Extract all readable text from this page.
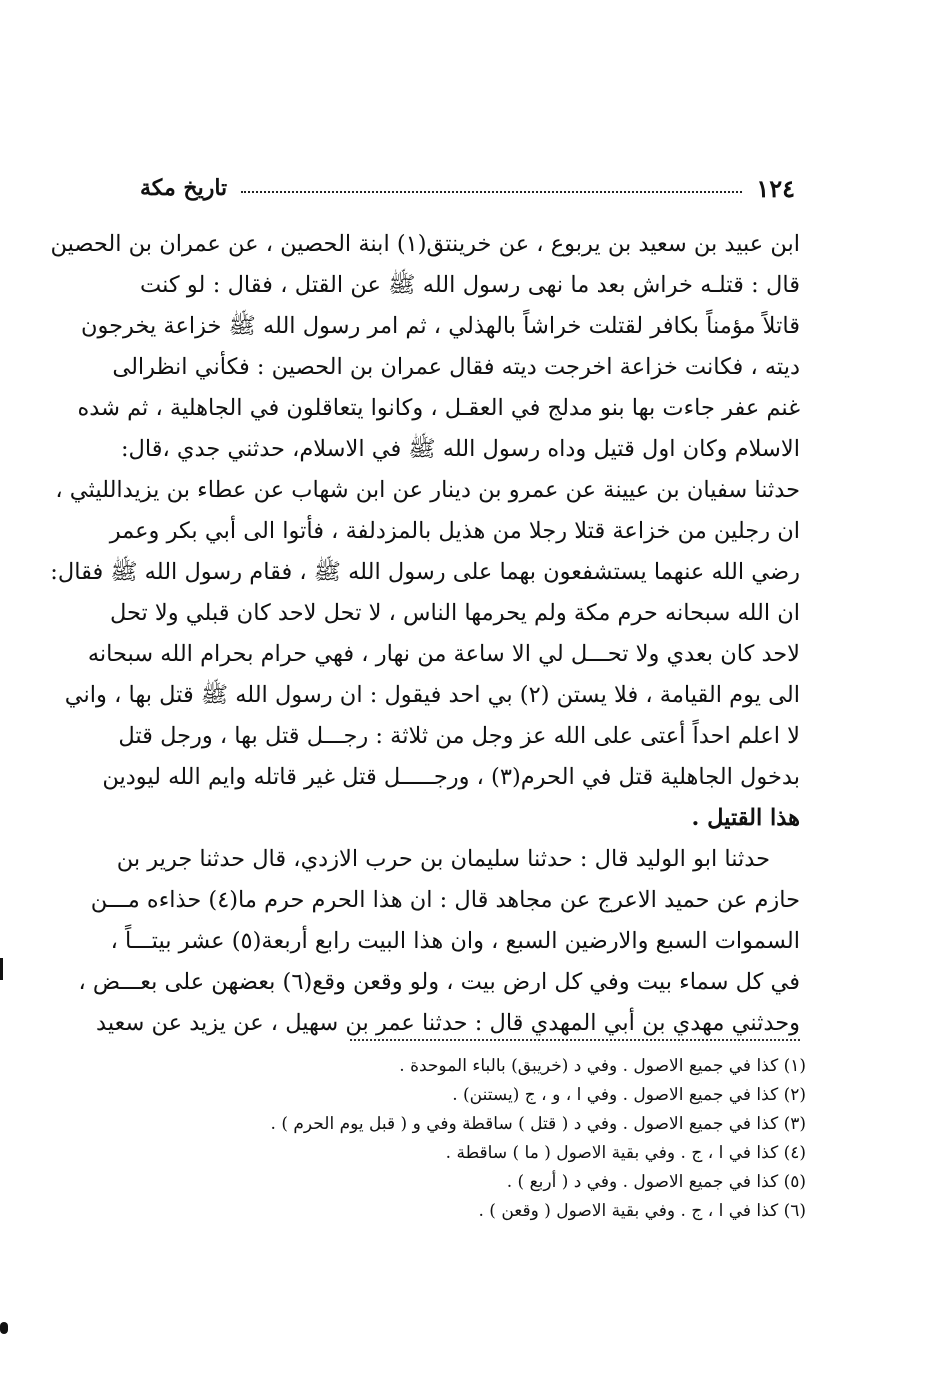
١٢٤
تاريخ مكة
ابن عبيد بن سعيد بن يربوع ، عن خرينتق(١) ابنة الحصين ، عن عمران بن الحصين
قال : قتلـه خراش بعد ما نهى رسول الله ﷺ عن القتل ، فقال : لو كنت
قاتلاً مؤمناً بكافر لقتلت خراشاً بالهذلي ، ثم امر رسول الله ﷺ خزاعة يخرجون
ديته ، فكانت خزاعة اخرجت ديته فقال عمران بن الحصين : فكأني انظرالى
غنم عفر جاءت بها بنو مدلج في العقـل ، وكانوا يتعاقلون في الجاهلية ، ثم شده
الاسلام وكان اول قتيل وداه رسول الله ﷺ في الاسلام، حدثني جدي ،قال:
حدثنا سفيان بن عيينة عن عمرو بن دينار عن ابن شهاب عن عطاء بن يزيدالليثي ،
ان رجلين من خزاعة قتلا رجلا من هذيل بالمزدلفة ، فأتوا الى أبي بكر وعمر
رضي الله عنهما يستشفعون بهما على رسول الله ﷺ ، فقام رسول الله ﷺ فقال:
ان الله سبحانه حرم مكة ولم يحرمها الناس ، لا تحل لاحد كان قبلي ولا تحل
لاحد كان بعدي ولا تحـــل لي الا ساعة من نهار ، فهي حرام بحرام الله سبحانه
الى يوم القيامة ، فلا يستن (٢) بي احد فيقول : ان رسول الله ﷺ قتل بها ، واني
لا اعلم احداً أعتى على الله عز وجل من ثلاثة : رجـــل قتل بها ، ورجل قتل
بدخول الجاهلية قتل في الحرم(٣) ، ورجـــــل قتل غير قاتله وايم الله ليودين
هذا القتيل .
حدثنا ابو الوليد قال : حدثنا سليمان بن حرب الازدي، قال حدثنا جرير بن
حازم عن حميد الاعرج عن مجاهد قال : ان هذا الحرم حرم ما(٤) حذاءه مـــن
السموات السبع والارضين السبع ، وان هذا البيت رابع أربعة(٥) عشر بيتـــاً ،
في كل سماء بيت وفي كل ارض بيت ، ولو وقعن وقع(٦) بعضهن على بعـــض ،
وحدثني مهدي بن أبي المهدي قال : حدثنا عمر بن سهيل ، عن يزيد عن سعيد
(١) كذا في جميع الاصول . وفي د (خريبق) بالباء الموحدة .
(٢) كذا في جميع الاصول . وفي ا ، و ، ج (يستنن) .
(٣) كذا في جميع الاصول . وفي د ( قتل ) ساقطة وفي و ( قبل يوم الحرم ) .
(٤) كذا في ا ، ج . وفي بقية الاصول ( ما ) ساقطة .
(٥) كذا في جميع الاصول . وفي د ( أربع ) .
(٦) كذا في ا ، ج . وفي بقية الاصول ( وقعن ) .
